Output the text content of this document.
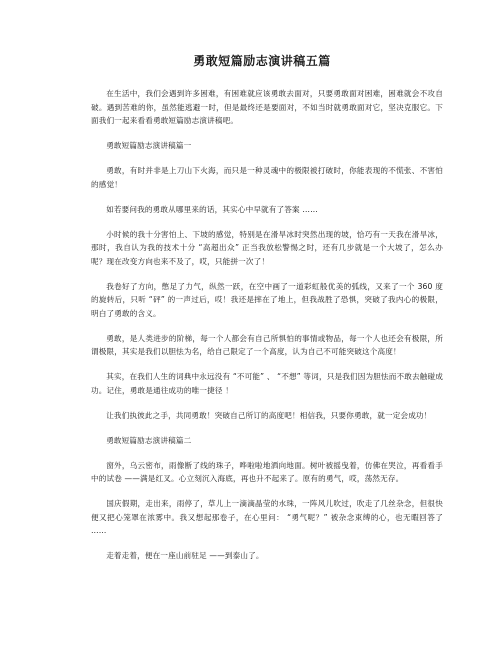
勇敢短篇励志演讲稿五篇

在生活中，我们会遇到许多困难，有困难就应该勇敢去面对，只要勇敢面对困难，困难就会不攻自破。遇到苦难的你，虽然能逃避一时，但是最终还是要面对，不如当时就勇敢面对它，坚决克服它。下面我们一起来看看勇敢短篇励志演讲稿吧。

勇敢短篇励志演讲稿篇一

勇敢，有时并非是上刀山下火海，而只是一种灵魂中的极限被打破时，你能表现的不慌张、不害怕的感觉！

如若要问我的勇敢从哪里来的话，其实心中早就有了答案 ……

小时候的我十分害怕上、下坡的感觉，特别是在滑旱冰时突然出现的坡，恰巧有一天我在滑旱冰，那时，我自认为我的技术十分 “高超出众” 正当我放松警惕之时，还有几步就是一个大坡了，怎么办呢？现在改变方向也来不及了，哎，只能拼一次了！

我卷好了方向，憋足了力气，纵然一跃，在空中画了一道彩虹般优美的弧线，又来了一个 360 度的旋转后，只听 “砰” 的一声过后，哎！我还是摔在了地上，但我战胜了恐惧，突破了我内心的极限，明白了勇敢的含义。

勇敢，是人类进步的阶梯，每一个人都会有自己所惧怕的事情或物品，每一个人也还会有极限，所谓极限，其实是我们以胆怯为名，给自己限定了一个高度，认为自己不可能突破这个高度！

其实，在我们人生的词典中永远没有 “不可能” 、 “不想” 等词，只是我们因为胆怯而不敢去触碰成功。记住，勇敢是通往成功的唯一捷径 ！

让我们执彼此之手，共同勇敢！突破自己所订的高度吧！相信我，只要你勇敢，就一定会成功！

勇敢短篇励志演讲稿篇二

窗外，乌云密布，雨像断了线的珠子，哗啦啦地洒向地面。树叶被摇曳着，仿佛在哭泣，再看看手中的试卷 ——满是红叉。心立刻沉入海底，再也升不起来了。原有的勇气，哎，荡然无存。

国庆假期，走出来，雨停了，草儿上一滴滴晶莹的水珠，一阵风儿吹过，吹走了几丝杂念，但很快便又把心笼罩在浓雾中。我又想起那卷子，在心里问： “勇气呢？” 被杂念束缚的心，也无暇回答了 ……

走着走着，便在一座山前驻足 ——到泰山了。
